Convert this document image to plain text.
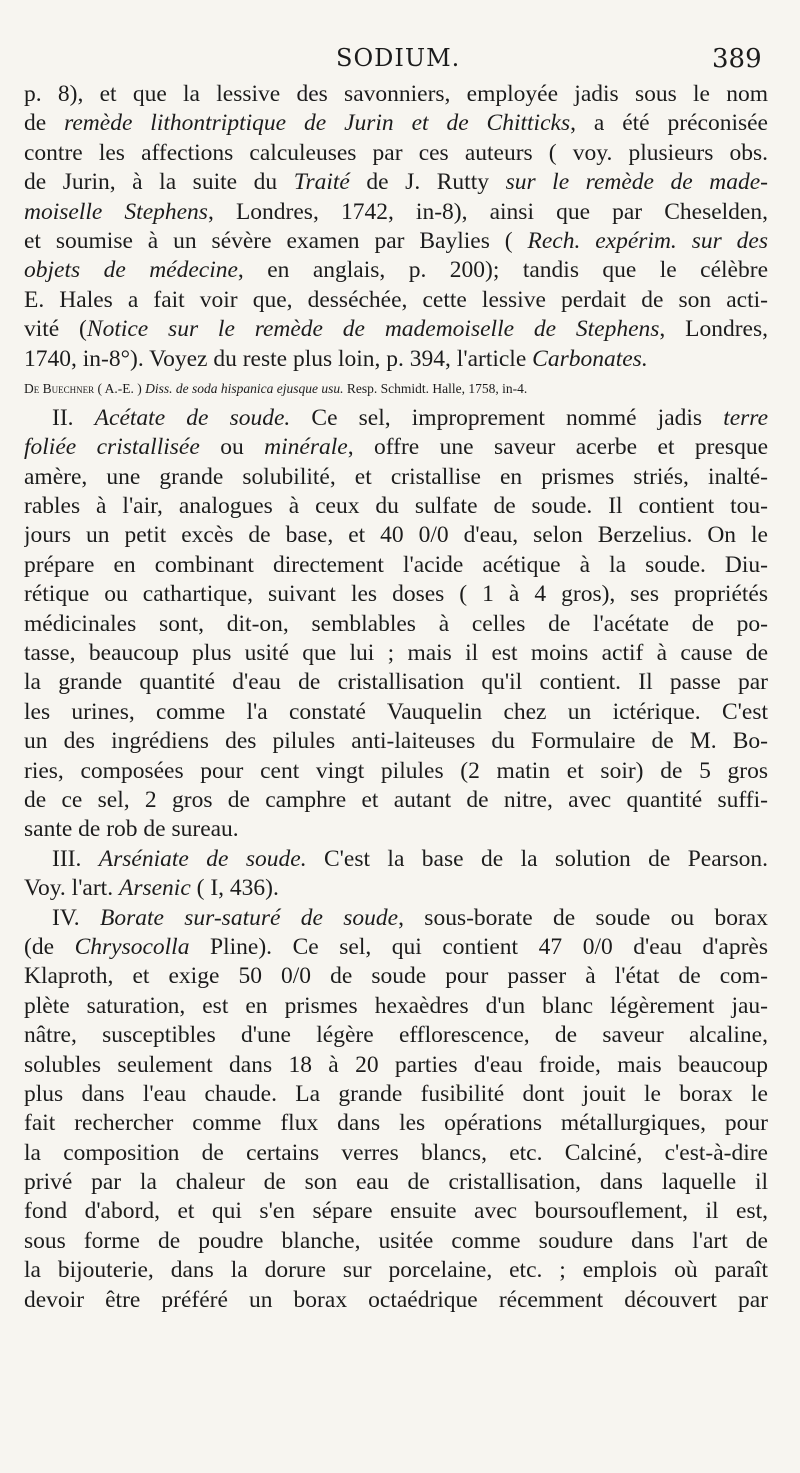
SODIUM.	389
p. 8), et que la lessive des savonniers, employée jadis sous le nom
de remède lithontriptique de Jurin et de Chitticks, a été préconisée
contre les affections calculeuses par ces auteurs ( voy. plusieurs obs.
de Jurin, à la suite du Traité de J. Rutty sur le remède de made-
moiselle Stephens, Londres, 1742, in-8), ainsi que par Cheselden,
et soumise à un sévère examen par Baylies ( Rech. expérim. sur des
objets de médecine, en anglais, p. 200); tandis que le célèbre
E. Hales a fait voir que, desséchée, cette lessive perdait de son acti-
vité (Notice sur le remède de mademoiselle de Stephens, Londres,
1740, in-8°). Voyez du reste plus loin, p. 394, l'article Carbonates.
De Buechner ( A.-E. ) Diss. de soda hispanica ejusque usu. Resp. Schmidt. Halle, 1758, in-4.
II. Acétate de soude. Ce sel, improprement nommé jadis terre
foliée cristallisée ou minérale, offre une saveur acerbe et presque
amère, une grande solubilité, et cristallise en prismes striés, inalté-
rables à l'air, analogues à ceux du sulfate de soude. Il contient tou-
jours un petit excès de base, et 40 0/0 d'eau, selon Berzelius. On le
prépare en combinant directement l'acide acétique à la soude. Diu-
rétique ou cathartique, suivant les doses ( 1 à 4 gros), ses propriétés
médicinales sont, dit-on, semblables à celles de l'acétate de po-
tasse, beaucoup plus usité que lui ; mais il est moins actif à cause de
la grande quantité d'eau de cristallisation qu'il contient. Il passe par
les urines, comme l'a constaté Vauquelin chez un ictérique. C'est
un des ingrédiens des pilules anti-laiteuses du Formulaire de M. Bo-
ries, composées pour cent vingt pilules (2 matin et soir) de 5 gros
de ce sel, 2 gros de camphre et autant de nitre, avec quantité suffi-
sante de rob de sureau.
III. Arséniate de soude. C'est la base de la solution de Pearson.
Voy. l'art. Arsenic ( I, 436).
IV. Borate sur-saturé de soude, sous-borate de soude ou borax
(de Chrysocolla Pline). Ce sel, qui contient 47 0/0 d'eau d'après
Klaproth, et exige 50 0/0 de soude pour passer à l'état de com-
plète saturation, est en prismes hexaèdres d'un blanc légèrement jau-
nâtre, susceptibles d'une légère efflorescence, de saveur alcaline,
solubles seulement dans 18 à 20 parties d'eau froide, mais beaucoup
plus dans l'eau chaude. La grande fusibilité dont jouit le borax le
fait rechercher comme flux dans les opérations métallurgiques, pour
la composition de certains verres blancs, etc. Calciné, c'est-à-dire
privé par la chaleur de son eau de cristallisation, dans laquelle il
fond d'abord, et qui s'en sépare ensuite avec boursouflement, il est,
sous forme de poudre blanche, usitée comme soudure dans l'art de
la bijouterie, dans la dorure sur porcelaine, etc. ; emplois où paraît
devoir être préféré un borax octaédrique récemment découvert par
